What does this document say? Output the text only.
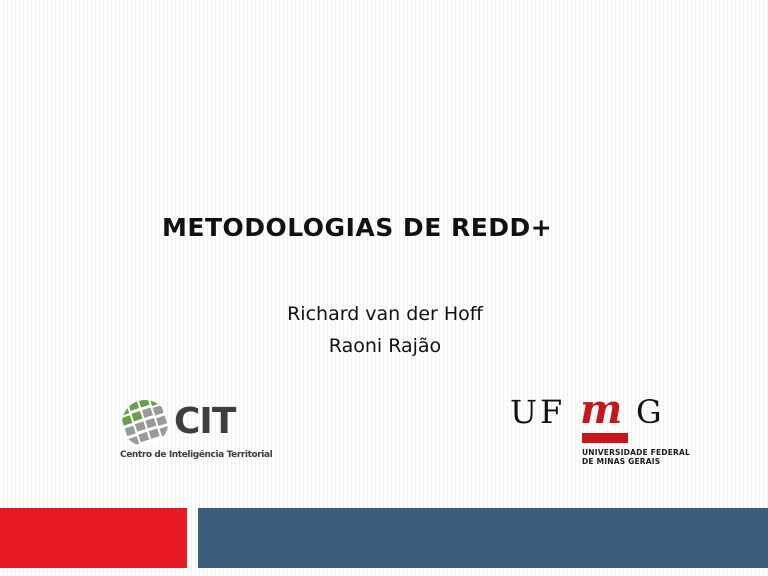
METODOLOGIAS DE REDD+
Richard van der Hoff
Raoni Rajão
CIT
Centro de Inteligência Territorial
UF m G
UNIVERSIDADE FEDERAL
DE MINAS GERAIS
